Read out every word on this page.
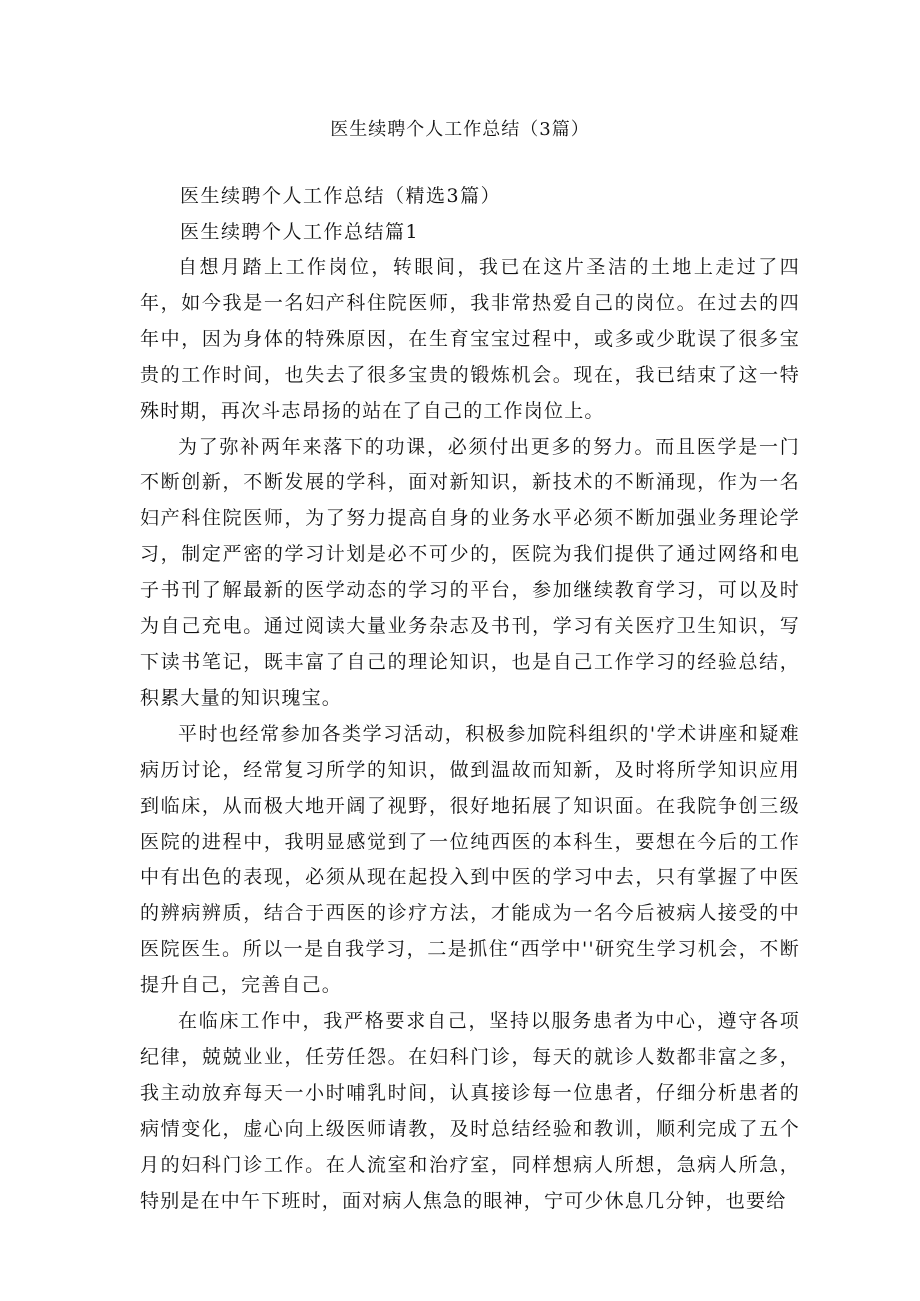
医生续聘个人工作总结（3篇）
医生续聘个人工作总结（精选3篇）
医生续聘个人工作总结篇1

自想月踏上工作岗位，转眼间，我已在这片圣洁的土地上走过了四年，如今我是一名妇产科住院医师，我非常热爱自己的岗位。在过去的四年中，因为身体的特殊原因，在生育宝宝过程中，或多或少耽误了很多宝贵的工作时间，也失去了很多宝贵的锻炼机会。现在，我已结束了这一特殊时期，再次斗志昂扬的站在了自己的工作岗位上。

为了弥补两年来落下的功课，必须付出更多的努力。而且医学是一门不断创新，不断发展的学科，面对新知识，新技术的不断涌现，作为一名妇产科住院医师，为了努力提高自身的业务水平必须不断加强业务理论学习，制定严密的学习计划是必不可少的，医院为我们提供了通过网络和电子书刊了解最新的医学动态的学习的平台，参加继续教育学习，可以及时为自己充电。通过阅读大量业务杂志及书刊，学习有关医疗卫生知识，写下读书笔记，既丰富了自己的理论知识，也是自己工作学习的经验总结，积累大量的知识瑰宝。

平时也经常参加各类学习活动，积极参加院科组织的'学术讲座和疑难病历讨论，经常复习所学的知识，做到温故而知新，及时将所学知识应用到临床，从而极大地开阔了视野，很好地拓展了知识面。在我院争创三级医院的进程中，我明显感觉到了一位纯西医的本科生，要想在今后的工作中有出色的表现，必须从现在起投入到中医的学习中去，只有掌握了中医的辨病辨质，结合于西医的诊疗方法，才能成为一名今后被病人接受的中医院医生。所以一是自我学习，二是抓住“西学中''研究生学习机会，不断提升自己，完善自己。

在临床工作中，我严格要求自己，坚持以服务患者为中心，遵守各项纪律，兢兢业业，任劳任怨。在妇科门诊，每天的就诊人数都非富之多，我主动放弃每天一小时哺乳时间，认真接诊每一位患者，仔细分析患者的病情变化，虚心向上级医师请教，及时总结经验和教训，顺利完成了五个月的妇科门诊工作。在人流室和治疗室，同样想病人所想，急病人所急，特别是在中午下班时，面对病人焦急的眼神，宁可少休息几分钟，也要给
